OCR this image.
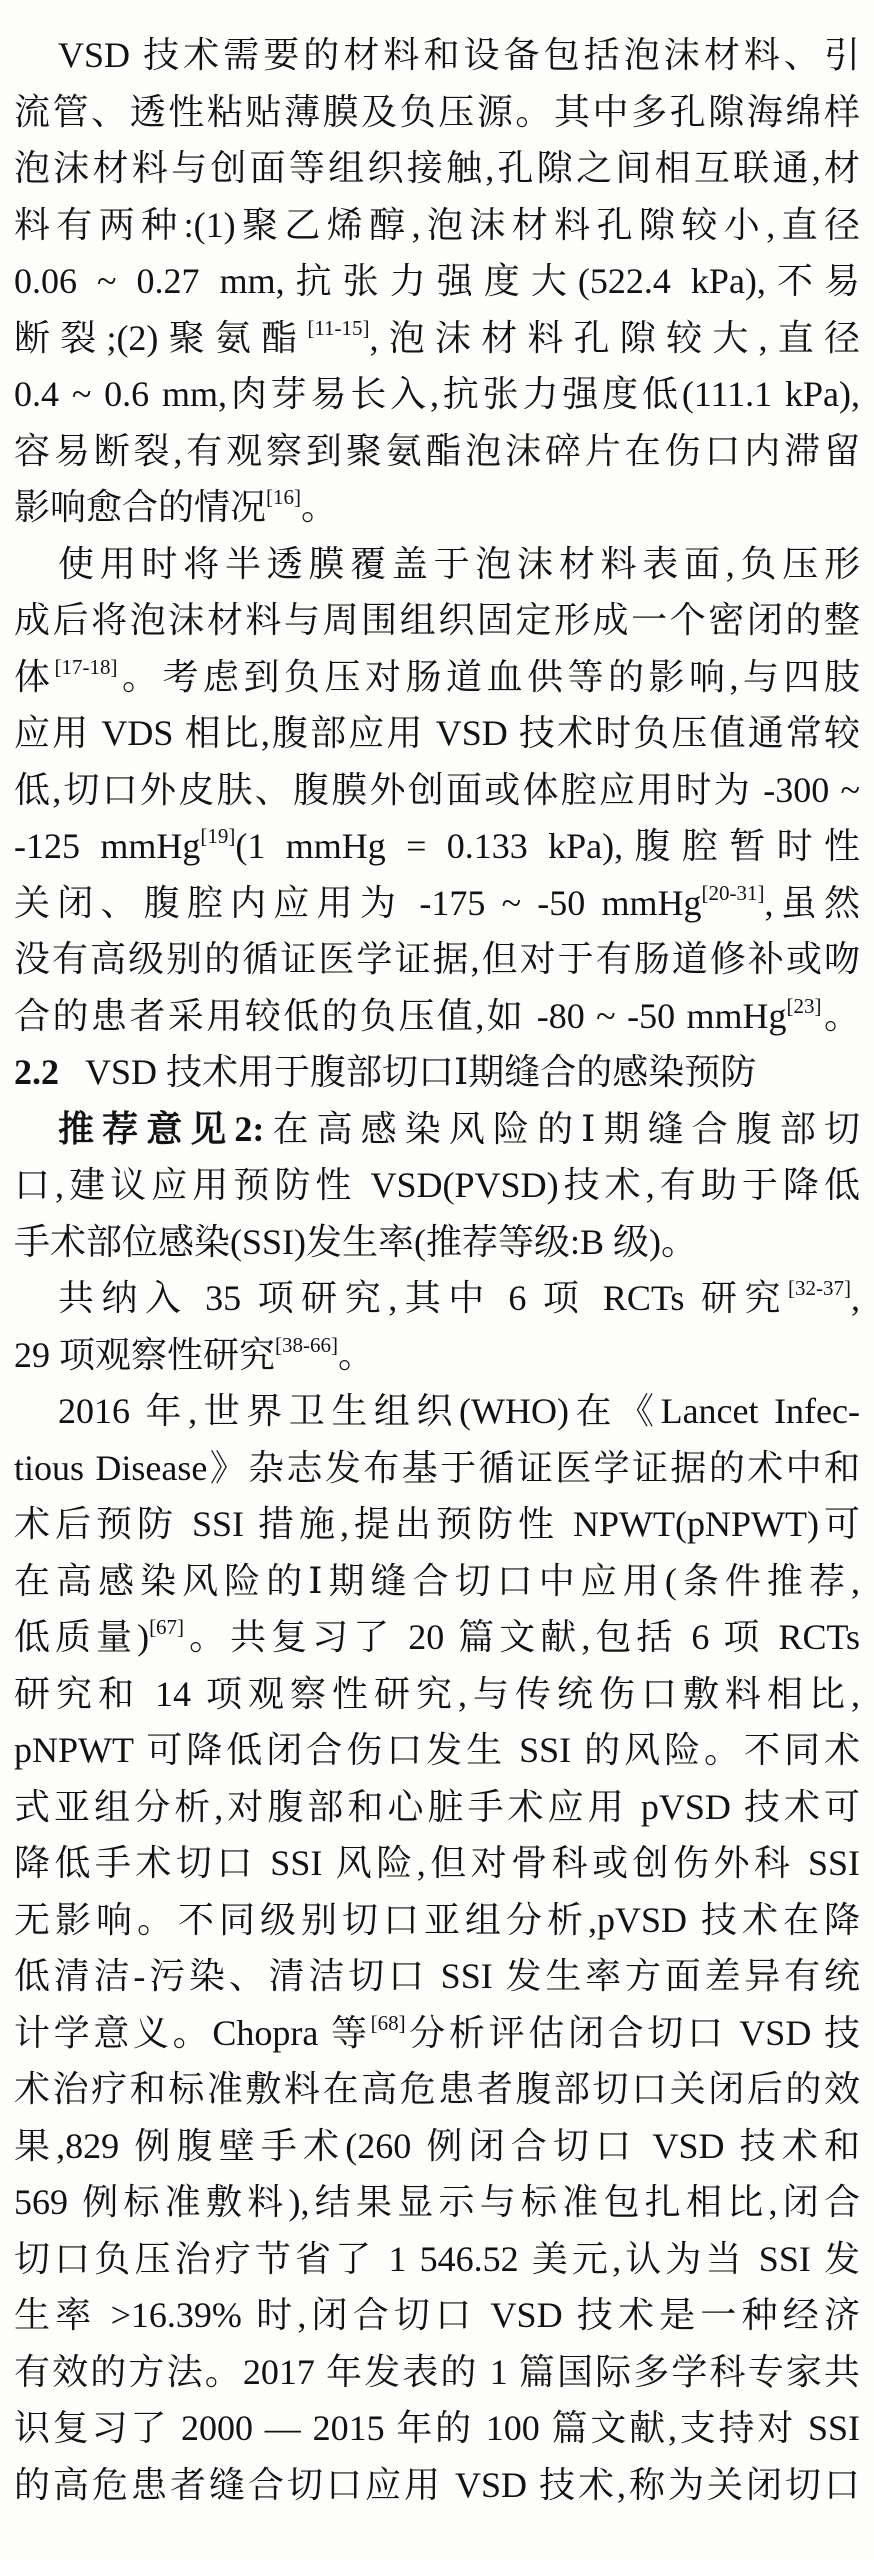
VSD 技术需要的材料和设备包括泡沫材料、引
流管、透性粘贴薄膜及负压源。其中多孔隙海绵样
泡沫材料与创面等组织接触,孔隙之间相互联通,材
料有两种:(1)聚乙烯醇,泡沫材料孔隙较小,直径
0.06 ~ 0.27 mm,抗张力强度大(522.4 kPa),不易
断裂;(2)聚氨酯[11-15],泡沫材料孔隙较大,直径
0.4 ~ 0.6 mm,肉芽易长入,抗张力强度低(111.1 kPa),
容易断裂,有观察到聚氨酯泡沫碎片在伤口内滞留
影响愈合的情况[16]。
使用时将半透膜覆盖于泡沫材料表面,负压形
成后将泡沫材料与周围组织固定形成一个密闭的整
体[17-18]。考虑到负压对肠道血供等的影响,与四肢
应用 VDS 相比,腹部应用 VSD 技术时负压值通常较
低,切口外皮肤、腹膜外创面或体腔应用时为 -300 ~
-125 mmHg[19](1 mmHg = 0.133 kPa),腹腔暂时性
关闭、腹腔内应用为 -175 ~ -50 mmHg[20-31],虽然
没有高级别的循证医学证据,但对于有肠道修补或吻
合的患者采用较低的负压值,如 -80 ~ -50 mmHg[23]。
2.2 VSD 技术用于腹部切口Ⅰ期缝合的感染预防
推荐意见2:在高感染风险的Ⅰ期缝合腹部切
口,建议应用预防性 VSD(PVSD)技术,有助于降低
手术部位感染(SSI)发生率(推荐等级:B 级)。
共纳入 35 项研究,其中 6 项 RCTs 研究[32-37],
29 项观察性研究[38-66]。
2016 年,世界卫生组织(WHO)在《Lancet Infec-
tious Disease》杂志发布基于循证医学证据的术中和
术后预防 SSI 措施,提出预防性 NPWT(pNPWT)可
在高感染风险的Ⅰ期缝合切口中应用(条件推荐,
低质量)[67]。共复习了 20 篇文献,包括 6 项 RCTs
研究和 14 项观察性研究,与传统伤口敷料相比,
pNPWT 可降低闭合伤口发生 SSI 的风险。不同术
式亚组分析,对腹部和心脏手术应用 pVSD 技术可
降低手术切口 SSI 风险,但对骨科或创伤外科 SSI
无影响。不同级别切口亚组分析,pVSD 技术在降
低清洁-污染、清洁切口 SSI 发生率方面差异有统
计学意义。Chopra 等[68]分析评估闭合切口 VSD 技
术治疗和标准敷料在高危患者腹部切口关闭后的效
果,829 例腹壁手术(260 例闭合切口 VSD 技术和
569 例标准敷料),结果显示与标准包扎相比,闭合
切口负压治疗节省了 1 546.52 美元,认为当 SSI 发
生率 >16.39% 时,闭合切口 VSD 技术是一种经济
有效的方法。2017 年发表的 1 篇国际多学科专家共
识复习了 2000 — 2015 年的 100 篇文献,支持对 SSI
的高危患者缝合切口应用 VSD 技术,称为关闭切口
